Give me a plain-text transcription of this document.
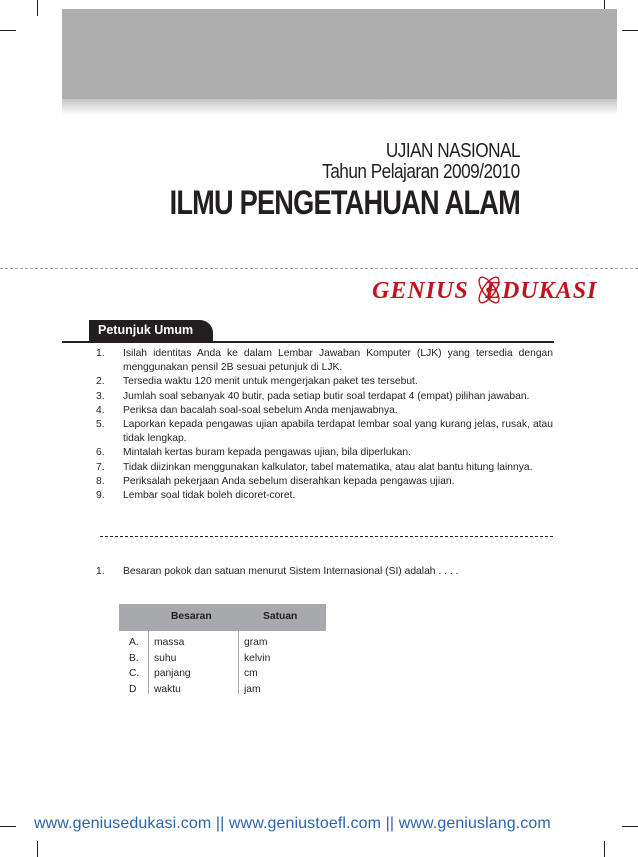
UJIAN NASIONAL
Tahun Pelajaran 2009/2010
ILMU PENGETAHUAN ALAM
GENIUS EDUKASI
Petunjuk Umum
1. Isilah identitas Anda ke dalam Lembar Jawaban Komputer (LJK) yang tersedia dengan menggunakan pensil 2B sesuai petunjuk di LJK.
2. Tersedia waktu 120 menit untuk mengerjakan paket tes tersebut.
3. Jumlah soal sebanyak 40 butir, pada setiap butir soal terdapat 4 (empat) pilihan jawaban.
4. Periksa dan bacalah soal-soal sebelum Anda menjawabnya.
5. Laporkan kepada pengawas ujian apabila terdapat lembar soal yang kurang jelas, rusak, atau tidak lengkap.
6. Mintalah kertas buram kepada pengawas ujian, bila diperlukan.
7. Tidak diizinkan menggunakan kalkulator, tabel matematika, atau alat bantu hitung lainnya.
8. Periksalah pekerjaan Anda sebelum diserahkan kepada pengawas ujian.
9. Lembar soal tidak boleh dicoret-coret.
1. Besaran pokok dan satuan menurut Sistem Internasional (SI) adalah . . . .
Besaran	Satuan
A. massa	gram
B. suhu	kelvin
C. panjang	cm
D waktu	jam
www.geniusedukasi.com || www.geniustoefl.com || www.geniuslang.com
